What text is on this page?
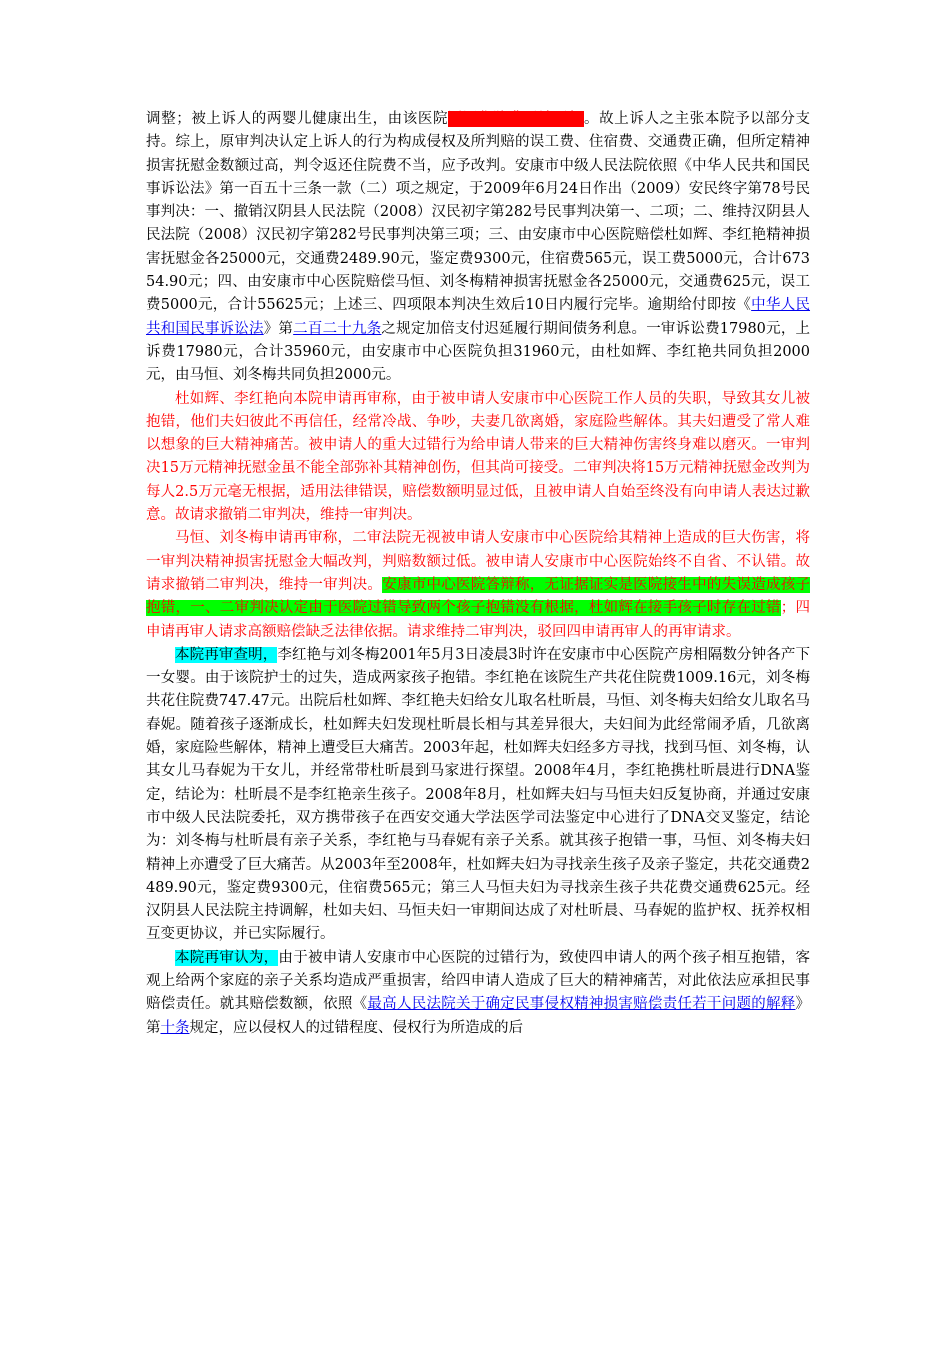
调整；被上诉人的两婴儿健康出生，由该医院返还住院费于法无据。故上诉人之主张本院予以部分支持。综上，原审判决认定上诉人的行为构成侵权及所判赔的误工费、住宿费、交通费正确，但所定精神损害抚慰金数额过高，判令返还住院费不当，应予改判。安康市中级人民法院依照《中华人民共和国民事诉讼法》第一百五十三条一款（二）项之规定，于2009年6月24日作出（2009）安民终字第78号民事判决：一、撤销汉阴县人民法院（2008）汉民初字第282号民事判决第一、二项；二、维持汉阴县人民法院（2008）汉民初字第282号民事判决第三项；三、由安康市中心医院赔偿杜如辉、李红艳精神损害抚慰金各25000元，交通费2489.90元，鉴定费9300元，住宿费565元，误工费5000元，合计67354.90元；四、由安康市中心医院赔偿马恒、刘冬梅精神损害抚慰金各25000元，交通费625元，误工费5000元，合计55625元；上述三、四项限本判决生效后10日内履行完毕。逾期给付即按《中华人民共和国民事诉讼法》第二百二十九条之规定加倍支付迟延履行期间债务利息。一审诉讼费17980元，上诉费17980元，合计35960元，由安康市中心医院负担31960元，由杜如辉、李红艳共同负担2000元，由马恒、刘冬梅共同负担2000元。

杜如辉、李红艳向本院申请再审称，由于被申请人安康市中心医院工作人员的失职，导致其女儿被抱错，他们夫妇彼此不再信任，经常冷战、争吵，夫妻几欲离婚，家庭险些解体。其夫妇遭受了常人难以想象的巨大精神痛苦。被申请人的重大过错行为给申请人带来的巨大精神伤害终身难以磨灭。一审判决15万元精神抚慰金虽不能全部弥补其精神创伤，但其尚可接受。二审判决将15万元精神抚慰金改判为每人2.5万元毫无根据，适用法律错误，赔偿数额明显过低，且被申请人自始至终没有向申请人表达过歉意。故请求撤销二审判决，维持一审判决。

马恒、刘冬梅申请再审称，二审法院无视被申请人安康市中心医院给其精神上造成的巨大伤害，将一审判决精神损害抚慰金大幅改判，判赔数额过低。被申请人安康市中心医院始终不自省、不认错。故请求撤销二审判决，维持一审判决。安康市中心医院答辩称，无证据证实是医院接生中的失误造成孩子抱错，一、二审判决认定由于医院过错导致两个孩子抱错没有根据，杜如辉在接手孩子时存在过错；四申请再审人请求高额赔偿缺乏法律依据。请求维持二审判决，驳回四申请再审人的再审请求。

本院再审查明，李红艳与刘冬梅2001年5月3日凌晨3时许在安康市中心医院产房相隔数分钟各产下一女婴。由于该院护士的过失，造成两家孩子抱错。李红艳在该院生产共花住院费1009.16元，刘冬梅共花住院费747.47元。出院后杜如辉、李红艳夫妇给女儿取名杜昕晨，马恒、刘冬梅夫妇给女儿取名马春妮。随着孩子逐渐成长，杜如辉夫妇发现杜昕晨长相与其差异很大，夫妇间为此经常闹矛盾，几欲离婚，家庭险些解体，精神上遭受巨大痛苦。2003年起，杜如辉夫妇经多方寻找，找到马恒、刘冬梅，认其女儿马春妮为干女儿，并经常带杜昕晨到马家进行探望。2008年4月，李红艳携杜昕晨进行DNA鉴定，结论为：杜昕晨不是李红艳亲生孩子。2008年8月，杜如辉夫妇与马恒夫妇反复协商，并通过安康市中级人民法院委托，双方携带孩子在西安交通大学法医学司法鉴定中心进行了DNA交叉鉴定，结论为：刘冬梅与杜昕晨有亲子关系，李红艳与马春妮有亲子关系。就其孩子抱错一事，马恒、刘冬梅夫妇精神上亦遭受了巨大痛苦。从2003年至2008年，杜如辉夫妇为寻找亲生孩子及亲子鉴定，共花交通费2489.90元，鉴定费9300元，住宿费565元；第三人马恒夫妇为寻找亲生孩子共花费交通费625元。经汉阴县人民法院主持调解，杜如夫妇、马恒夫妇一审期间达成了对杜昕晨、马春妮的监护权、抚养权相互变更协议，并已实际履行。

本院再审认为，由于被申请人安康市中心医院的过错行为，致使四申请人的两个孩子相互抱错，客观上给两个家庭的亲子关系均造成严重损害，给四申请人造成了巨大的精神痛苦，对此依法应承担民事赔偿责任。就其赔偿数额，依照《最高人民法院关于确定民事侵权精神损害赔偿责任若干问题的解释》第十条规定，应以侵权人的过错程度、侵权行为所造成的后
